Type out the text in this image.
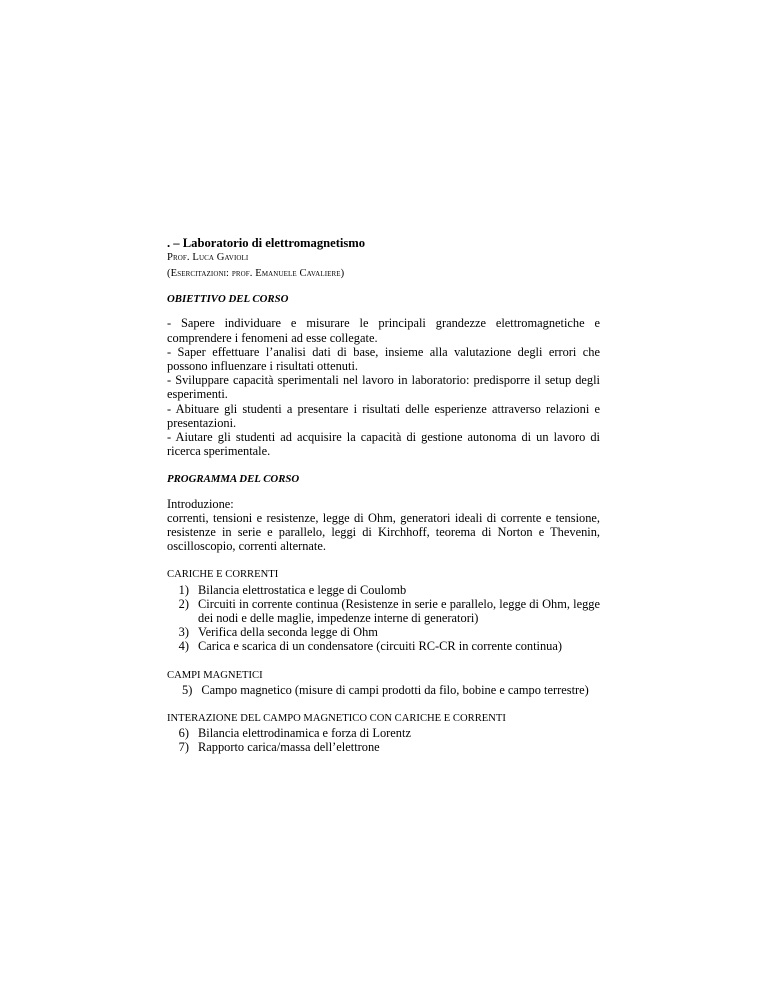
. – Laboratorio di elettromagnetismo

Prof. Luca Gavioli

(Esercitazioni: prof. Emanuele Cavaliere)

OBIETTIVO DEL CORSO

- Sapere individuare e misurare le principali grandezze elettromagnetiche e comprendere i fenomeni ad esse collegate.

- Saper effettuare l’analisi dati di base, insieme alla valutazione degli errori che possono influenzare i risultati ottenuti.

- Sviluppare capacità sperimentali nel lavoro in laboratorio: predisporre il setup degli esperimenti.

- Abituare gli studenti a presentare i risultati delle esperienze attraverso relazioni e presentazioni.

- Aiutare gli studenti ad acquisire la capacità di gestione autonoma di un lavoro di ricerca sperimentale.

PROGRAMMA DEL CORSO

Introduzione:

correnti, tensioni e resistenze, legge di Ohm, generatori ideali di corrente e tensione, resistenze in serie e parallelo, leggi di Kirchhoff, teorema di Norton e Thevenin, oscilloscopio, correnti alternate.

CARICHE E CORRENTI

1) Bilancia elettrostatica e legge di Coulomb
2) Circuiti in corrente continua (Resistenze in serie e parallelo, legge di Ohm, legge dei nodi e delle maglie, impedenze interne di generatori)
3) Verifica della seconda legge di Ohm
4) Carica e scarica di un condensatore (circuiti RC-CR in corrente continua)

CAMPI MAGNETICI

5) Campo magnetico (misure di campi prodotti da filo, bobine e campo terrestre)

INTERAZIONE DEL CAMPO MAGNETICO CON CARICHE E CORRENTI

6) Bilancia elettrodinamica e forza di Lorentz
7) Rapporto carica/massa dell’elettrone
